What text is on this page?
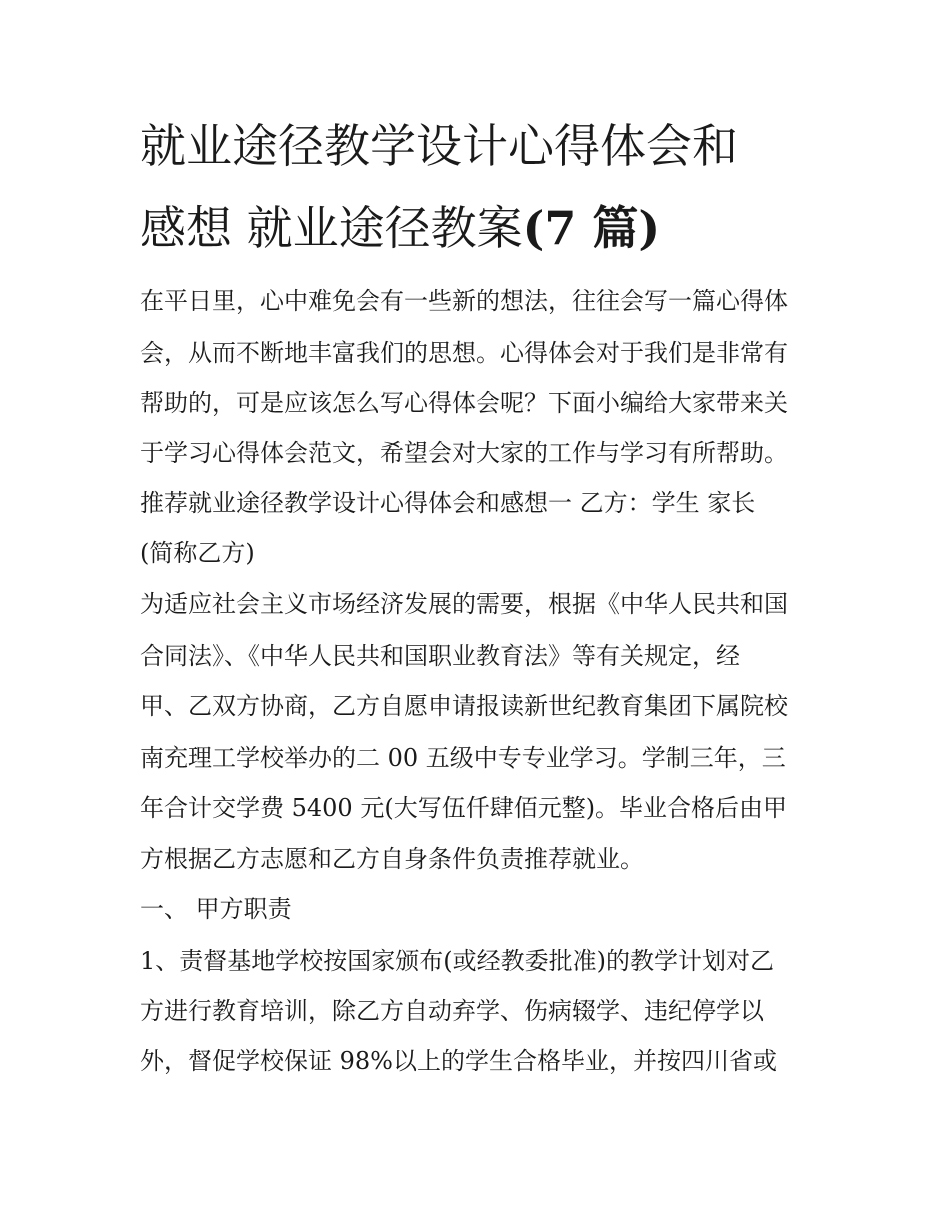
就业途径教学设计心得体会和
感想 就业途径教案(7 篇)

在平日里，心中难免会有一些新的想法，往往会写一篇心得体

会，从而不断地丰富我们的思想。心得体会对于我们是非常有

帮助的，可是应该怎么写心得体会呢？下面小编给大家带来关

于学习心得体会范文，希望会对大家的工作与学习有所帮助。

推荐就业途径教学设计心得体会和感想一 乙方：学生 家长

(简称乙方)

为适应社会主义市场经济发展的需要，根据《中华人民共和国

合同法》、《中华人民共和国职业教育法》等有关规定，经

甲、乙双方协商，乙方自愿申请报读新世纪教育集团下属院校

南充理工学校举办的二 00 五级中专专业学习。学制三年，三

年合计交学费 5400 元(大写伍仟肆佰元整)。毕业合格后由甲

方根据乙方志愿和乙方自身条件负责推荐就业。

一、 甲方职责

1、责督基地学校按国家颁布(或经教委批准)的教学计划对乙

方进行教育培训，除乙方自动弃学、伤病辍学、违纪停学以

外，督促学校保证 98%以上的学生合格毕业，并按四川省或
